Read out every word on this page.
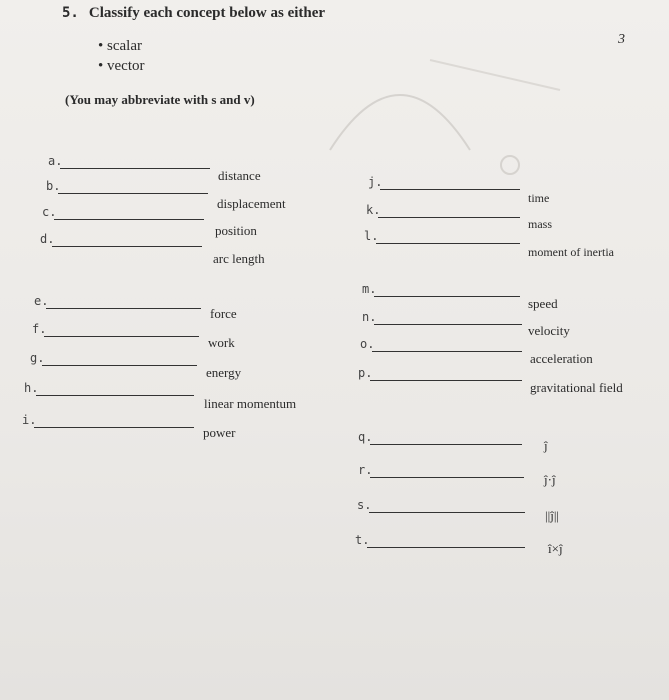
5. Classify each concept below as either
3
• scalar
• vector
(You may abbreviate with s and v)
a.
distance
b.
displacement
c.
position
d.
arc length
e.
force
f.
work
g.
energy
h.
linear momentum
i.
power
j.
time
k.
mass
l.
moment of inertia
m.
speed
n.
velocity
o.
acceleration
p.
gravitational field
q.
ĵ
r.
ĵ·ĵ
s.
||ĵ||
t.
î×ĵ
